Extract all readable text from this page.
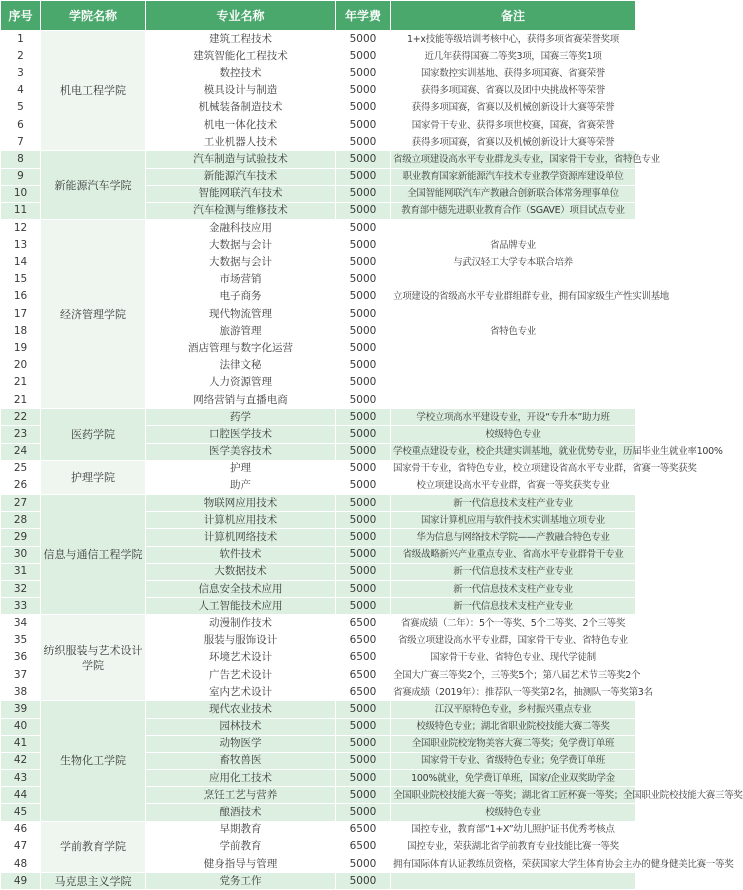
序号	学院名称	专业名称	年学费	备注
1	机电工程学院	建筑工程技术	5000	1+x技能等级培训考核中心，获得多项省赛荣誉奖项
2		建筑智能化工程技术	5000	近几年获得国赛二等奖3项，国赛三等奖1项
3		数控技术	5000	国家数控实训基地、获得多项国赛、省赛荣誉
4		模具设计与制造	5000	获得多项国赛、省赛以及团中央挑战杯等荣誉
5		机械装备制造技术	5000	获得多项国赛，省赛以及机械创新设计大赛等荣誉
6		机电一体化技术	5000	国家骨干专业、获得多项世校赛，国赛，省赛荣誉
7		工业机器人技术	5000	获得多项国赛，省赛以及机械创新设计大赛等荣誉
8	新能源汽车学院	汽车制造与试验技术	5000	省级立项建设高水平专业群龙头专业，国家骨干专业，省特色专业
9		新能源汽车技术	5000	职业教育国家新能源汽车技术专业教学资源库建设单位
10		智能网联汽车技术	5000	全国智能网联汽车产教融合创新联合体常务理事单位
11		汽车检测与维修技术	5000	教育部中德先进职业教育合作（SGAVE）项目试点专业
12	经济管理学院	金融科技应用	5000	
13		大数据与会计	5000	省品牌专业
14		大数据与会计	5000	与武汉轻工大学专本联合培养
15		市场营销	5000	
16		电子商务	5000	立项建设的省级高水平专业群组群专业，拥有国家级生产性实训基地
17		现代物流管理	5000	
18		旅游管理	5000	省特色专业
19		酒店管理与数字化运营	5000	
20		法律文秘	5000	
21		人力资源管理	5000	
21		网络营销与直播电商	5000	
22	医药学院	药学	5000	学校立项高水平建设专业，开设“专升本”助力班
23		口腔医学技术	5000	校级特色专业
24		医学美容技术	5000	学校重点建设专业，校企共建实训基地，就业优势专业，历届毕业生就业率100%
25	护理学院	护理	5000	国家骨干专业，省特色专业，校立项建设省高水平专业群，省赛一等奖获奖
26		助产	5000	校立项建设高水平专业群，省赛一等奖获奖专业
27	信息与通信工程学院	物联网应用技术	5000	新一代信息技术支柱产业专业
28		计算机应用技术	5000	国家计算机应用与软件技术实训基地立项专业
29		计算机网络技术	5000	华为信息与网络技术学院——产教融合特色专业
30		软件技术	5000	省级战略新兴产业重点专业、省高水平专业群骨干专业
31		大数据技术	5000	新一代信息技术支柱产业专业
32		信息安全技术应用	5000	新一代信息技术支柱产业专业
33		人工智能技术应用	5000	新一代信息技术支柱产业专业
34	纺织服装与艺术设计学院	动漫制作技术	6500	省赛成绩（二年）：5个一等奖、5个二等奖、2个三等奖
35		服装与服饰设计	6500	省级立项建设高水平专业群，国家骨干专业、省特色专业
36		环境艺术设计	6500	国家骨干专业、省特色专业、现代学徒制
37		广告艺术设计	6500	全国大广赛三等奖2个，三等奖5个；第八届艺术节三等奖2个
38		室内艺术设计	6500	省赛成绩（2019年）：推荐队一等奖第2名，抽测队一等奖第3名
39	生物化工学院	现代农业技术	5000	江汉平原特色专业，乡村振兴重点专业
40		园林技术	5000	校级特色专业；湖北省职业院校技能大赛二等奖
41		动物医学	5000	全国职业院校宠物美容大赛二等奖；免学费订单班
42		畜牧兽医	5000	国家骨干专业、省级特色专业；免学费订单班
43		应用化工技术	5000	100%就业，免学费订单班，国家/企业双奖助学金
44		烹饪工艺与营养	5000	全国职业院校技能大赛一等奖；湖北省工匠杯赛一等奖；全国职业院校技能大赛三等奖
45		酿酒技术	5000	校级特色专业
46	学前教育学院	早期教育	6500	国控专业，教育部“1+X”幼儿照护证书优秀考核点
47		学前教育	6500	国控专业，荣获湖北省学前教育专业技能比赛一等奖
48		健身指导与管理	5000	拥有国际体育认证教练员资格，荣获国家大学生体育协会主办的健身健美比赛一等奖
49	马克思主义学院	党务工作	5000	
